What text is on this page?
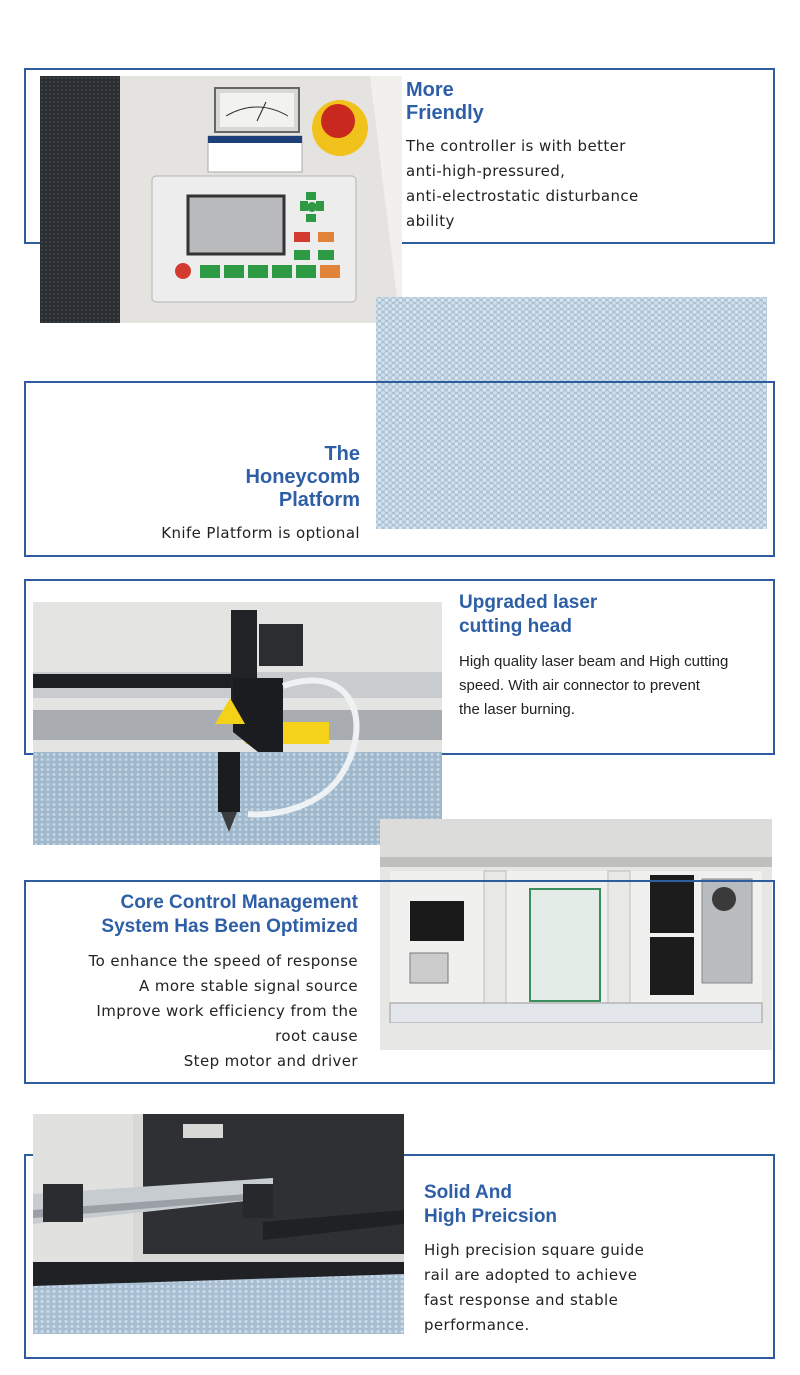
More
Friendly
The controller is with better
anti-high-pressured,
anti-electrostatic disturbance
ability
The
Honeycomb
Platform
Knife Platform is optional
Upgraded laser
cutting head
High quality laser beam and High cutting
speed. With air connector to prevent
the laser burning.
Core Control Management
System Has Been Optimized
To enhance the speed of response
A more stable signal source
Improve work efficiency from the
root cause
Step motor and driver
Solid And
High Preicsion
High precision square guide
rail are adopted to achieve
fast response and stable
performance.
